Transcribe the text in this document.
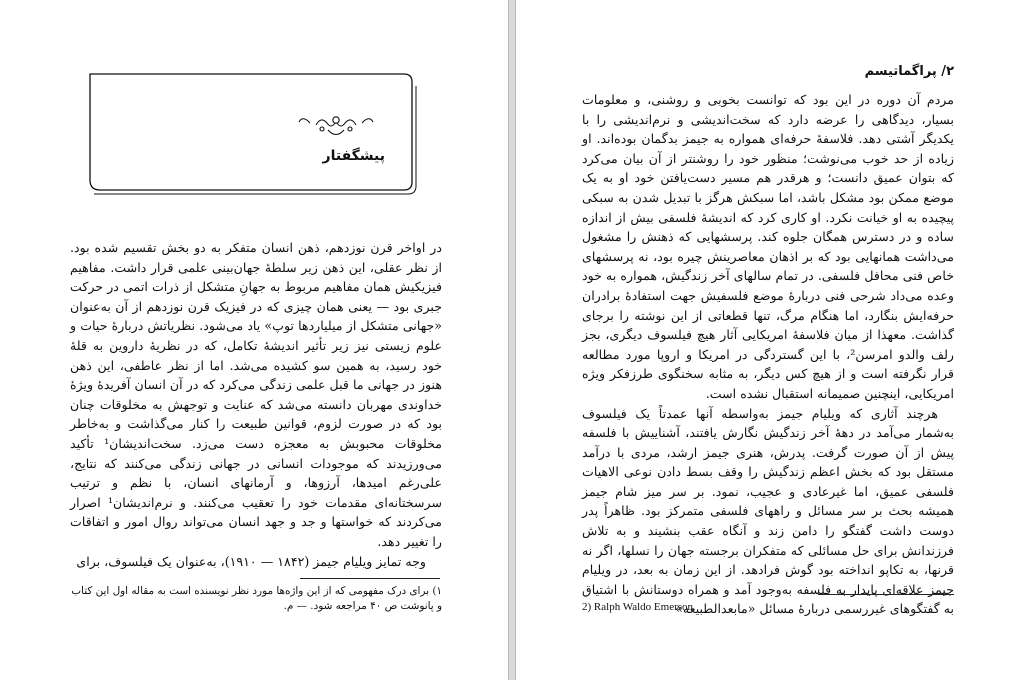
پیشگفتار

در اواخر قرن نوزدهم، ذهن انسان متفکر به دو بخش تقسیم شده بود. از نظر عقلی، این ذهن زیر سلطهٔ جهان‌بینی علمی قرار داشت. مفاهیم فیزیکیش همان مفاهیم مربوط به جهانِ متشکل از ذرات اتمی در حرکت جبری بود — یعنی همان چیزی که در فیزیک قرن نوزدهم از آن به‌عنوان «جهانی متشکل از میلیاردها توپ» یاد می‌شود. نظریاتش دربارهٔ حیات و علوم زیستی نیز زیر تأثیر اندیشهٔ تکامل، که در نظریهٔ داروین به قلهٔ خود رسید، به همین سو کشیده می‌شد. اما از نظر عاطفی، این ذهن هنوز در جهانی ما قبل علمی زندگی می‌کرد که در آن انسان آفریدهٔ ویژهٔ خداوندی مهربان دانسته می‌شد که عنایت و توجهش به مخلوقات چنان بود که در صورت لزوم، قوانین طبیعت را کنار می‌گذاشت و به‌خاطر مخلوقات محبوبش به معجزه دست می‌زد. سخت‌اندیشان¹ تأکید می‌ورزیدند که موجودات انسانی در جهانی زندگی می‌کنند که نتایج، علی‌رغم امیدها، آرزوها، و آرمانهای انسان، با نظم و ترتیب سرسختانه‌ای مقدمات خود را تعقیب می‌کنند. و نرم‌اندیشان¹ اصرار می‌کردند که خواستها و جد و جهد انسان می‌تواند روال امور و اتفاقات را تغییر دهد.

وجه تمایز ویلیام جیمز (۱۸۴۲ — ۱۹۱۰)، به‌عنوان یک فیلسوف، برای

۱) برای درک مفهومی که از این واژه‌ها مورد نظر نویسنده است به مقاله اول این کتاب و پانوشت ص ۴۰ مراجعه شود. — م.
۲/ پراگماتیسم

مردم آن دوره در این بود که توانست بخوبی و روشنی، و معلومات بسیار، دیدگاهی را عرضه دارد که سخت‌اندیشی و نرم‌اندیشی را با یکدیگر آشتی دهد. فلاسفهٔ حرفه‌ای همواره به جیمز بدگمان بوده‌اند. او زیاده از حد خوب می‌نوشت؛ منظور خود را روشنتر از آن بیان می‌کرد که بتوان عمیق دانست؛ و هرقدر هم مسیر دست‌یافتن خود او به یک موضع ممکن بود مشکل باشد، اما سبکش هرگز با تبدیل شدن به سبکی پیچیده به او خیانت نکرد. او کاری کرد که اندیشهٔ فلسفی بیش از اندازه ساده و در دسترس همگان جلوه کند. پرسشهایی که ذهنش را مشغول می‌داشت همانهایی بود که بر اذهان معاصرینش چیره بود، نه پرسشهای خاص فنی محافل فلسفی. در تمام سالهای آخر زندگیش، همواره به خود وعده می‌داد شرحی فنی دربارهٔ موضع فلسفیش جهت استفادهٔ برادران حرفه‌ایش بنگارد، اما هنگام مرگ، تنها قطعاتی از این نوشته را برجای گذاشت. معهذا از میان فلاسفهٔ امریکایی آثار هیچ فیلسوف دیگری، بجز رلف والدو امرسن²، با این گستردگی در امریکا و اروپا مورد مطالعه قرار نگرفته است و از هیچ کس دیگر، به مثابه سخنگوی طرزفکر ویژه امریکایی، اینچنین صمیمانه استقبال نشده است.

هرچند آثاری که ویلیام جیمز به‌واسطه آنها عمدتاً یک فیلسوف به‌شمار می‌آمد در دههٔ آخر زندگیش نگارش یافتند، آشناییش با فلسفه پیش از آن صورت گرفت. پدرش، هنری جیمز ارشد، مردی با درآمد مستقل بود که بخش اعظم زندگیش را وقف بسط دادن نوعی الاهیات فلسفی عمیق، اما غیرعادی و عجیب، نمود. بر سر میز شام جیمز همیشه بحث بر سر مسائل و راههای فلسفی متمرکز بود. ظاهراً پدر دوست داشت گفتگو را دامن زند و آنگاه عقب بنشیند و به تلاش فرزندانش برای حل مسائلی که متفکران برجسته جهان را نسلها، اگر نه قرنها، به تکاپو انداخته بود گوش فرادهد. از این زمان به بعد، در ویلیام جیمز علاقه‌ای پایدار به فلسفه به‌وجود آمد و همراه دوستانش با اشتیاق به گفتگوهای غیررسمی دربارهٔ مسائل «مابعدالطبیعه»

2) Ralph Waldo Emerson
